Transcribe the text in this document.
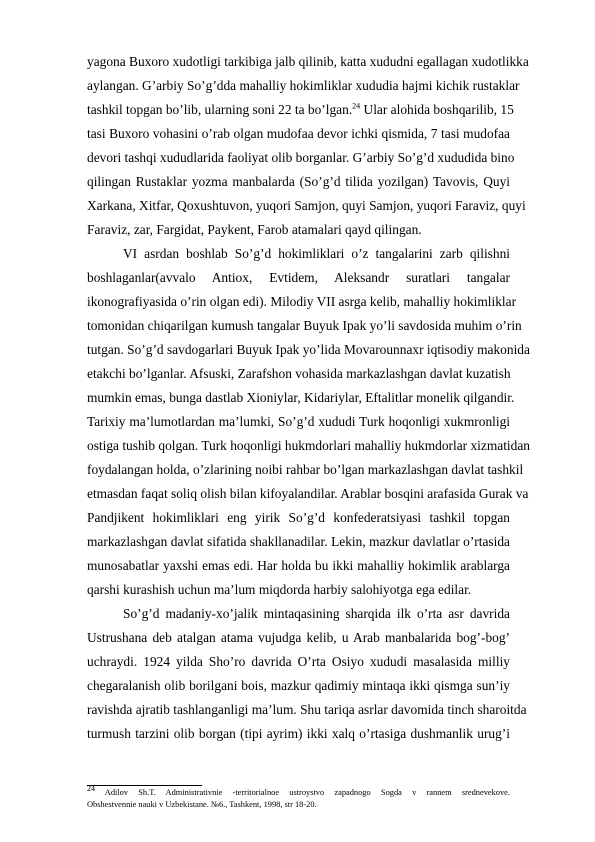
yagona Buxoro xudotligi tarkibiga jalb qilinib, katta xududni egallagan xudotlikka
aylangan. G’arbiy So’g’dda mahalliy hokimliklar xududia hajmi kichik rustaklar
tashkil topgan bo’lib, ularning soni 22 ta bo’lgan.$^{24}$ Ular alohida boshqarilib, 15
tasi Buxoro vohasini o’rab olgan mudofaa devor ichki qismida, 7 tasi mudofaa
devori tashqi xududlarida faoliyat olib borganlar. G’arbiy So’g’d xududida bino
qilingan Rustaklar yozma manbalarda (So’g’d tilida yozilgan) Tavovis, Quyi
Xarkana, Xitfar, Qoxushtuvon, yuqori Samjon, quyi Samjon, yuqori Faraviz, quyi
Faraviz, zar, Fargidat, Paykent, Farob atamalari qayd qilingan.
VI asrdan boshlab So’g’d hokimliklari o’z tangalarini zarb qilishni
boshlaganlar(avvalo Antiox, Evtidem, Aleksandr suratlari tangalar
ikonografiyasida o’rin olgan edi). Milodiy VII asrga kelib, mahalliy hokimliklar
tomonidan chiqarilgan kumush tangalar Buyuk Ipak yo’li savdosida muhim o’rin
tutgan. So’g’d savdogarlari Buyuk Ipak yo’lida Movarounnaxr iqtisodiy makonida
etakchi bo’lganlar. Afsuski, Zarafshon vohasida markazlashgan davlat kuzatish
mumkin emas, bunga dastlab Xioniylar, Kidariylar, Eftalitlar monelik qilgandir.
Tarixiy ma’lumotlardan ma’lumki, So’g’d xududi Turk hoqonligi xukmronligi
ostiga tushib qolgan. Turk hoqonligi hukmdorlari mahalliy hukmdorlar xizmatidan
foydalangan holda, o’zlarining noibi rahbar bo’lgan markazlashgan davlat tashkil
etmasdan faqat soliq olish bilan kifoyalandilar. Arablar bosqini arafasida Gurak va
Pandjikent hokimliklari eng yirik So’g’d konfederatsiyasi tashkil topgan
markazlashgan davlat sifatida shakllanadilar. Lekin, mazkur davlatlar o’rtasida
munosabatlar yaxshi emas edi. Har holda bu ikki mahalliy hokimlik arablarga
qarshi kurashish uchun ma’lum miqdorda harbiy salohiyotga ega edilar.
So’g’d madaniy-xo’jalik mintaqasining sharqida ilk o’rta asr davrida
Ustrushana deb atalgan atama vujudga kelib, u Arab manbalarida bog’-bog’
uchraydi. 1924 yilda Sho’ro davrida O’rta Osiyo xududi masalasida milliy
chegaralanish olib borilgani bois, mazkur qadimiy mintaqa ikki qismga sun’iy
ravishda ajratib tashlanganligi ma’lum. Shu tariqa asrlar davomida tinch sharoitda
turmush tarzini olib borgan (tipi ayrim) ikki xalq o’rtasiga dushmanlik urug’i
$^{24}$ Adilov Sh.T. Administrativnie -territorialnoe ustroystvo zapadnogo Sogda v rannem srednevekove.
Obshestvennie nauki v Uzbekistane. №6., Tashkent, 1998, str 18-20.
